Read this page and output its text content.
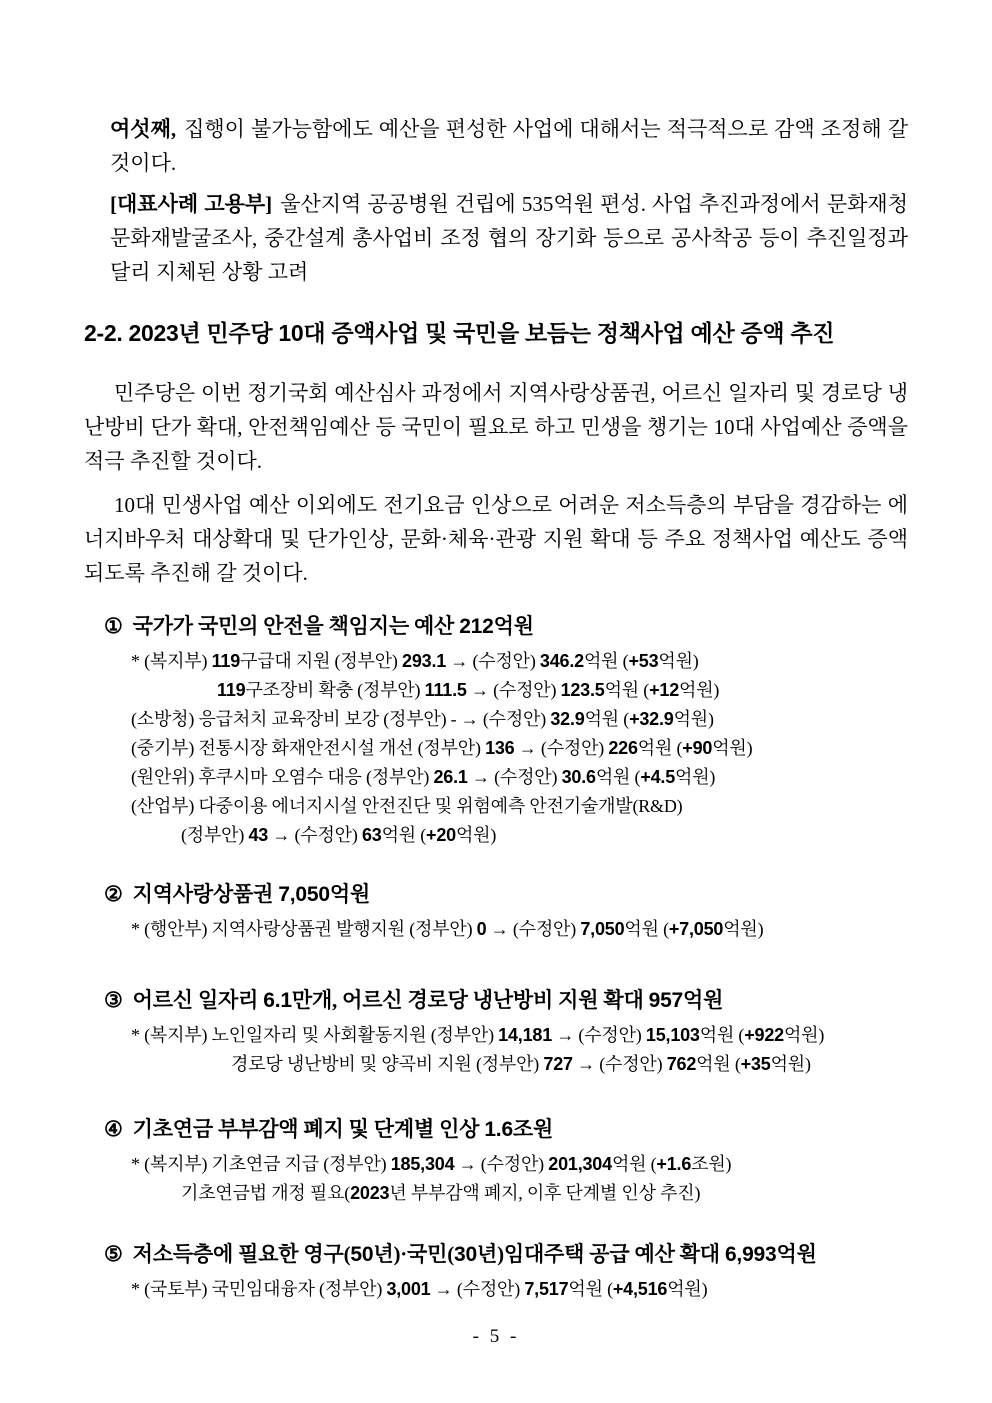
여섯째, 집행이 불가능함에도 예산을 편성한 사업에 대해서는 적극적으로 감액 조정해 갈 것이다.

[대표사례 고용부] 울산지역 공공병원 건립에 535억원 편성. 사업 추진과정에서 문화재청 문화재발굴조사, 중간설계 총사업비 조정 협의 장기화 등으로 공사착공 등이 추진일정과 달리 지체된 상황 고려

2-2. 2023년 민주당 10대 증액사업 및 국민을 보듬는 정책사업 예산 증액 추진

민주당은 이번 정기국회 예산심사 과정에서 지역사랑상품권, 어르신 일자리 및 경로당 냉난방비 단가 확대, 안전책임예산 등 국민이 필요로 하고 민생을 챙기는 10대 사업예산 증액을 적극 추진할 것이다.

10대 민생사업 예산 이외에도 전기요금 인상으로 어려운 저소득층의 부담을 경감하는 에너지바우처 대상확대 및 단가인상, 문화·체육·관광 지원 확대 등 주요 정책사업 예산도 증액되도록 추진해 갈 것이다.

① 국가가 국민의 안전을 책임지는 예산 212억원
* (복지부) 119구급대 지원 (정부안) 293.1 → (수정안) 346.2억원 (+53억원)
119구조장비 확충 (정부안) 111.5 → (수정안) 123.5억원 (+12억원)
(소방청) 응급처치 교육장비 보강 (정부안) - → (수정안) 32.9억원 (+32.9억원)
(중기부) 전통시장 화재안전시설 개선 (정부안) 136 → (수정안) 226억원 (+90억원)
(원안위) 후쿠시마 오염수 대응 (정부안) 26.1 → (수정안) 30.6억원 (+4.5억원)
(산업부) 다중이용 에너지시설 안전진단 및 위험예측 안전기술개발(R&D)
(정부안) 43 → (수정안) 63억원 (+20억원)
② 지역사랑상품권 7,050억원
* (행안부) 지역사랑상품권 발행지원 (정부안) 0 → (수정안) 7,050억원 (+7,050억원)
③ 어르신 일자리 6.1만개, 어르신 경로당 냉난방비 지원 확대 957억원
* (복지부) 노인일자리 및 사회활동지원 (정부안) 14,181 → (수정안) 15,103억원 (+922억원)
경로당 냉난방비 및 양곡비 지원 (정부안) 727 → (수정안) 762억원 (+35억원)
④ 기초연금 부부감액 폐지 및 단계별 인상 1.6조원
* (복지부) 기초연금 지급 (정부안) 185,304 → (수정안) 201,304억원 (+1.6조원)
기초연금법 개정 필요(2023년 부부감액 폐지, 이후 단계별 인상 추진)
⑤ 저소득층에 필요한 영구(50년)·국민(30년)임대주택 공급 예산 확대 6,993억원
* (국토부) 국민임대융자 (정부안) 3,001 → (수정안) 7,517억원 (+4,516억원)
- 5 -
